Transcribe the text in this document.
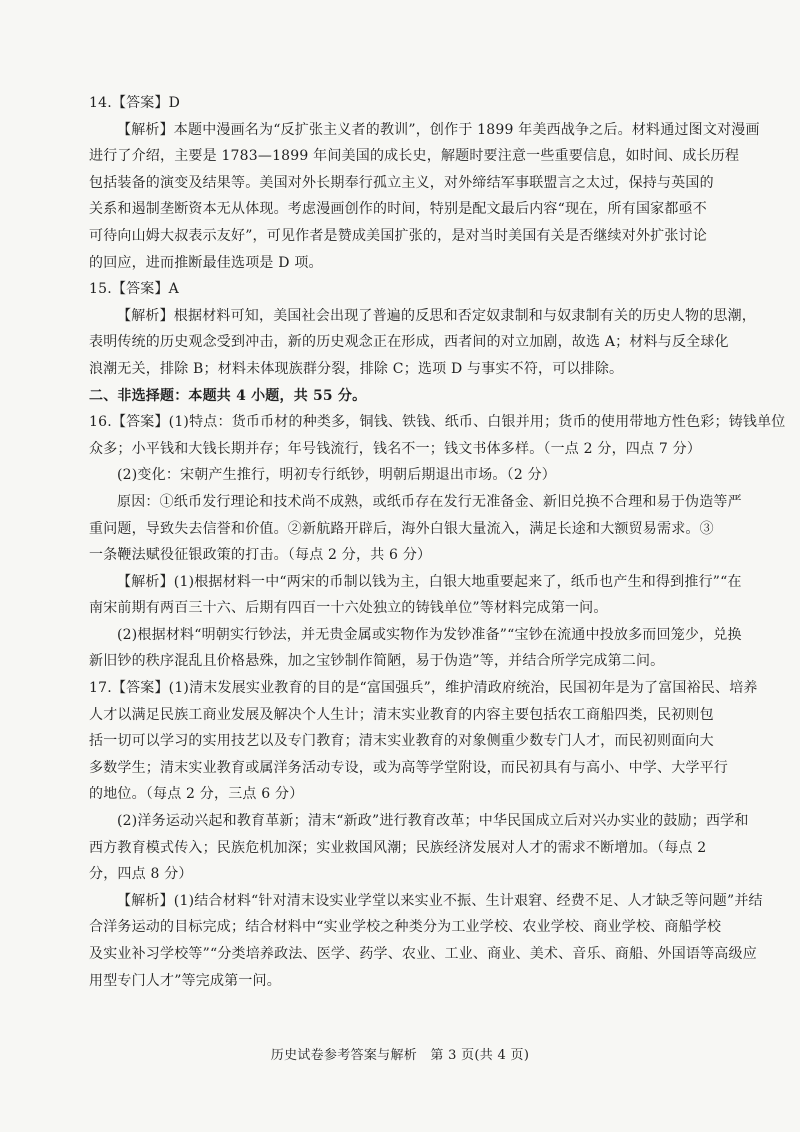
14.【答案】D
【解析】本题中漫画名为“反扩张主义者的教训”，创作于 1899 年美西战争之后。材料通过图文对漫画
进行了介绍，主要是 1783—1899 年间美国的成长史，解题时要注意一些重要信息，如时间、成长历程
包括装备的演变及结果等。美国对外长期奉行孤立主义，对外缔结军事联盟言之太过，保持与英国的
关系和遏制垄断资本无从体现。考虑漫画创作的时间，特别是配文最后内容“现在，所有国家都亟不
可待向山姆大叔表示友好”，可见作者是赞成美国扩张的，是对当时美国有关是否继续对外扩张讨论
的回应，进而推断最佳选项是 D 项。
15.【答案】A
【解析】根据材料可知，美国社会出现了普遍的反思和否定奴隶制和与奴隶制有关的历史人物的思潮，
表明传统的历史观念受到冲击，新的历史观念正在形成，西者间的对立加剧，故选 A；材料与反全球化
浪潮无关，排除 B；材料未体现族群分裂，排除 C；选项 D 与事实不符，可以排除。
二、非选择题：本题共 4 小题，共 55 分。
16.【答案】(1)特点：货币币材的种类多，铜钱、铁钱、纸币、白银并用；货币的使用带地方性色彩；铸钱单位
众多；小平钱和大钱长期并存；年号钱流行，钱名不一；钱文书体多样。（一点 2 分，四点 7 分）
(2)变化：宋朝产生推行，明初专行纸钞，明朝后期退出市场。（2 分）
原因：①纸币发行理论和技术尚不成熟，或纸币存在发行无准备金、新旧兑换不合理和易于伪造等严
重问题，导致失去信誉和价值。②新航路开辟后，海外白银大量流入，满足长途和大额贸易需求。③
一条鞭法赋役征银政策的打击。（每点 2 分，共 6 分）
【解析】(1)根据材料一中“两宋的币制以钱为主，白银大地重要起来了，纸币也产生和得到推行”“在
南宋前期有两百三十六、后期有四百一十六处独立的铸钱单位”等材料完成第一问。
(2)根据材料“明朝实行钞法，并无贵金属或实物作为发钞准备”“宝钞在流通中投放多而回笼少，兑换
新旧钞的秩序混乱且价格悬殊，加之宝钞制作简陋，易于伪造”等，并结合所学完成第二问。
17.【答案】(1)清末发展实业教育的目的是“富国强兵”，维护清政府统治，民国初年是为了富国裕民、培养
人才以满足民族工商业发展及解决个人生计；清末实业教育的内容主要包括农工商船四类，民初则包
括一切可以学习的实用技艺以及专门教育；清末实业教育的对象侧重少数专门人才，而民初则面向大
多数学生；清末实业教育或属洋务活动专设，或为高等学堂附设，而民初具有与高小、中学、大学平行
的地位。（每点 2 分，三点 6 分）
(2)洋务运动兴起和教育革新；清末“新政”进行教育改革；中华民国成立后对兴办实业的鼓励；西学和
西方教育模式传入；民族危机加深；实业救国风潮；民族经济发展对人才的需求不断增加。（每点 2
分，四点 8 分）
【解析】(1)结合材料“针对清末设实业学堂以来实业不振、生计艰窘、经费不足、人才缺乏等问题”并结
合洋务运动的目标完成；结合材料中“实业学校之种类分为工业学校、农业学校、商业学校、商船学校
及实业补习学校等”“分类培养政法、医学、药学、农业、工业、商业、美术、音乐、商船、外国语等高级应
用型专门人才”等完成第一问。
历史试卷参考答案与解析　第 3 页(共 4 页)
